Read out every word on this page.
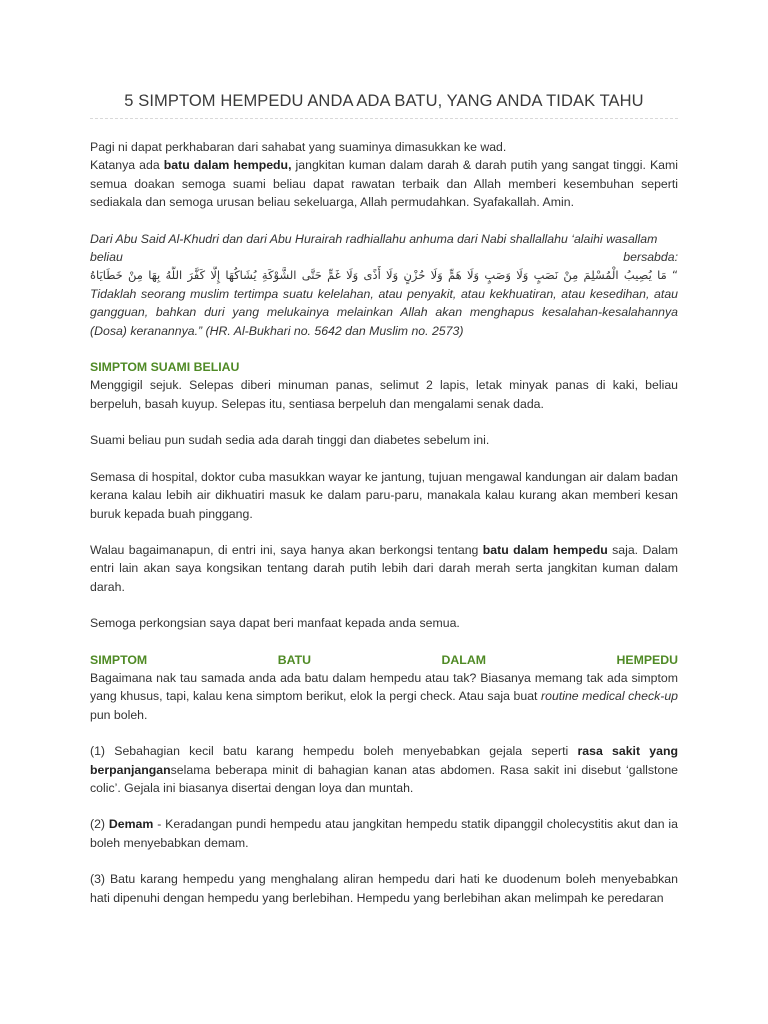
5 SIMPTOM HEMPEDU ANDA ADA BATU, YANG ANDA TIDAK TAHU

Pagi ni dapat perkhabaran dari sahabat yang suaminya dimasukkan ke wad.

Katanya ada batu dalam hempedu, jangkitan kuman dalam darah & darah putih yang sangat tinggi. Kami semua doakan semoga suami beliau dapat rawatan terbaik dan Allah memberi kesembuhan seperti sediakala dan semoga urusan beliau sekeluarga, Allah permudahkan. Syafakallah. Amin.

Dari Abu Said Al-Khudri dan dari Abu Hurairah radhiallahu anhuma dari Nabi shallallahu ‘alaihi wasallam

beliau	bersabda:

“ مَا يُصِيبُ الْمُسْلِمَ مِنْ نَصَبٍ وَلَا وَصَبٍ وَلَا هَمٍّ وَلَا حُزْنٍ وَلَا أَذًى وَلَا غَمٍّ حَتَّى الشَّوْكَةِ يُشَاكُهَا إِلَّا كَفَّرَ اللَّهُ بِهَا مِنْ خَطَايَاهُ

Tidaklah seorang muslim tertimpa suatu kelelahan, atau penyakit, atau kekhuatiran, atau kesedihan, atau gangguan, bahkan duri yang melukainya melainkan Allah akan menghapus kesalahan-kesalahannya (Dosa) keranannya.” (HR. Al-Bukhari no. 5642 dan Muslim no. 2573)

SIMPTOM SUAMI BELIAU

Menggigil sejuk. Selepas diberi minuman panas, selimut 2 lapis, letak minyak panas di kaki, beliau berpeluh, basah kuyup. Selepas itu, sentiasa berpeluh dan mengalami senak dada.

Suami beliau pun sudah sedia ada darah tinggi dan diabetes sebelum ini.

Semasa di hospital, doktor cuba masukkan wayar ke jantung, tujuan mengawal kandungan air dalam badan kerana kalau lebih air dikhuatiri masuk ke dalam paru-paru, manakala kalau kurang akan memberi kesan buruk kepada buah pinggang.

Walau bagaimanapun, di entri ini, saya hanya akan berkongsi tentang batu dalam hempedu saja. Dalam entri lain akan saya kongsikan tentang darah putih lebih dari darah merah serta jangkitan kuman dalam darah.

Semoga perkongsian saya dapat beri manfaat kepada anda semua.

SIMPTOM	BATU	DALAM	HEMPEDU

Bagaimana nak tau samada anda ada batu dalam hempedu atau tak? Biasanya memang tak ada simptom yang khusus, tapi, kalau kena simptom berikut, elok la pergi check. Atau saja buat routine medical check-up pun boleh.

(1) Sebahagian kecil batu karang hempedu boleh menyebabkan gejala seperti rasa sakit yang berpanjanganselama beberapa minit di bahagian kanan atas abdomen. Rasa sakit ini disebut ‘gallstone colic’. Gejala ini biasanya disertai dengan loya dan muntah.

(2) Demam - Keradangan pundi hempedu atau jangkitan hempedu statik dipanggil cholecystitis akut dan ia boleh menyebabkan demam.

(3) Batu karang hempedu yang menghalang aliran hempedu dari hati ke duodenum boleh menyebabkan hati dipenuhi dengan hempedu yang berlebihan. Hempedu yang berlebihan akan melimpah ke peredaran
